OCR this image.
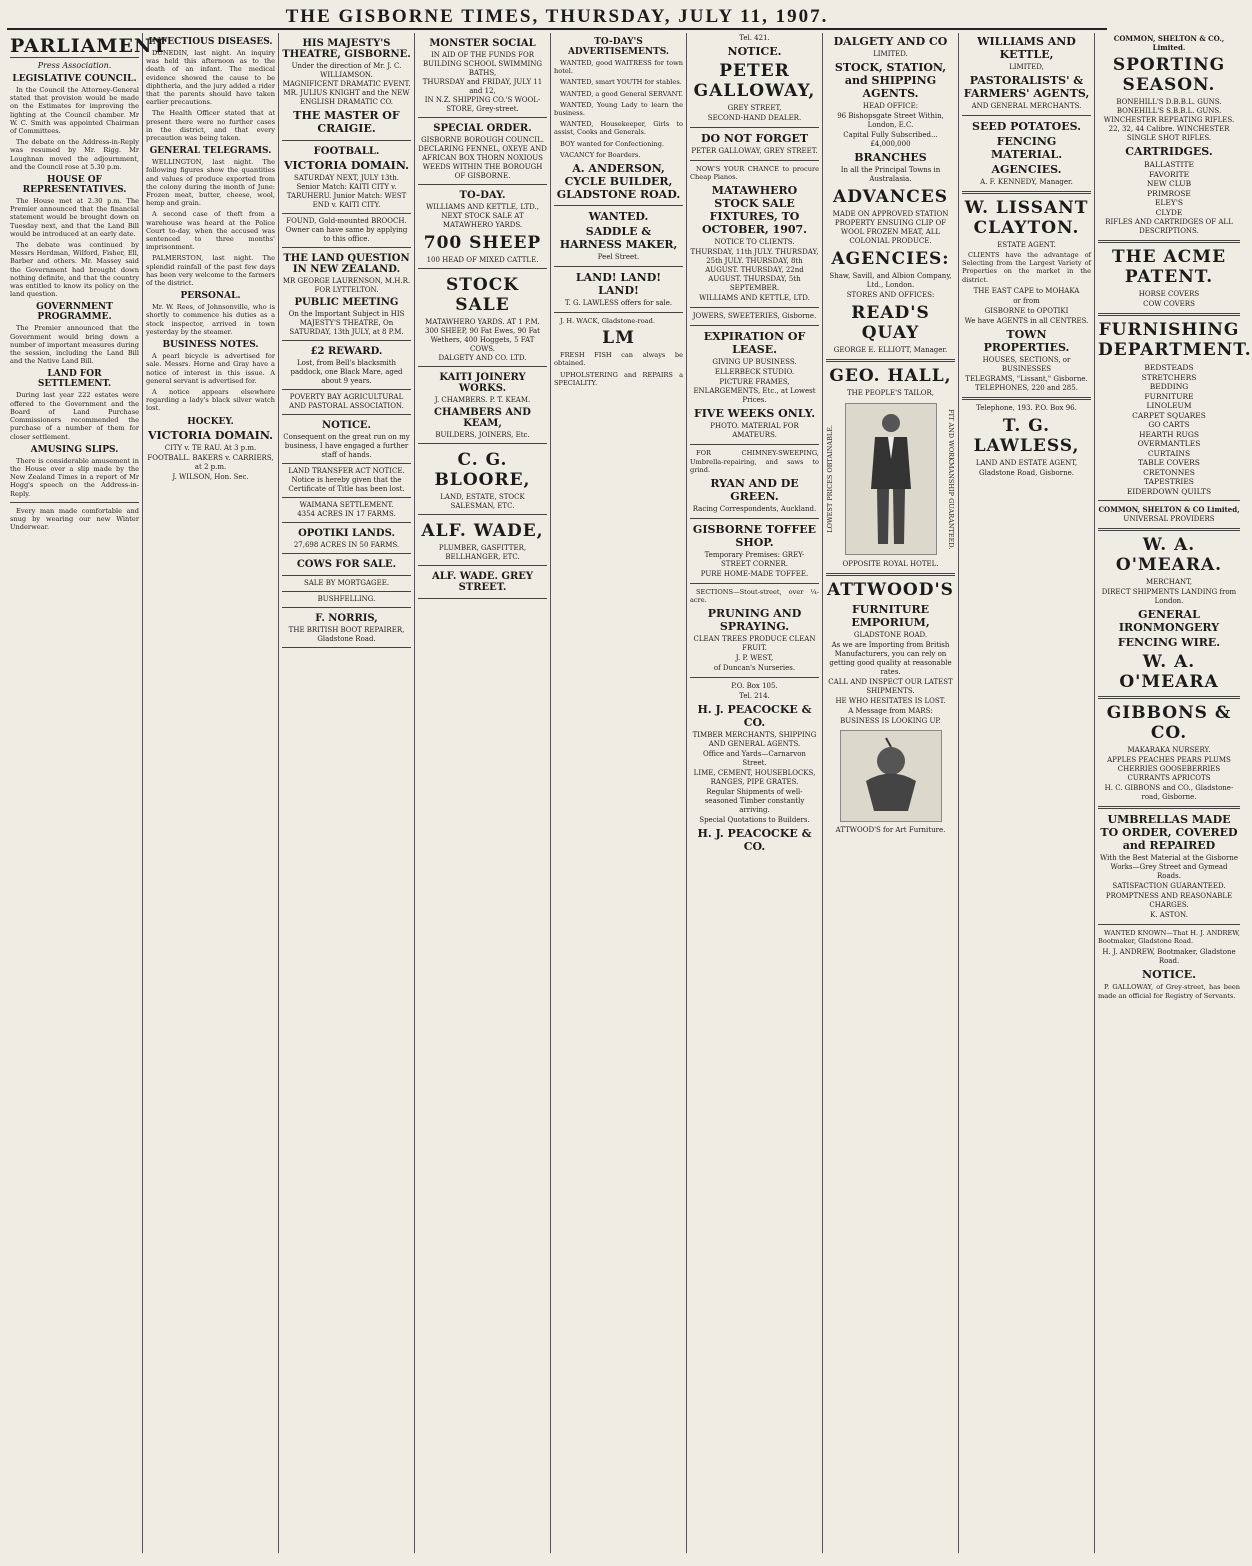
THE GISBORNE TIMES, THURSDAY, JULY 11, 1907.
PARLIAMENT
Press Association.
LEGISLATIVE COUNCIL.

In the Council the Attorney-General stated that provision would be made on the Estimates for improving the lighting at the Council chamber. Mr W. C. Smith was appointed Chairman of Committees.

The debate on the Address-in-Reply was resumed by Mr. Rigg. Mr Loughnan moved the adjournment, and the Council rose at 5.30 p.m.

HOUSE OF REPRESENTATIVES.

The House met at 2.30 p.m. The Premier announced that the financial statement would be brought down on Tuesday next, and that the Land Bill would be introduced at an early date.

The debate was continued by Messrs Herdman, Wilford, Fisher, Ell, Barber and others. Mr. Massey said the Government had brought down nothing definite, and that the country was entitled to know its policy on the land question.

GOVERNMENT PROGRAMME.

The Premier announced that the Government would bring down a number of important measures during the session, including the Land Bill and the Native Land Bill.

LAND FOR SETTLEMENT.

During last year 222 estates were offered to the Government and the Board of Land Purchase Commissioners recommended the purchase of a number of them for closer settlement.

AMUSING SLIPS.

There is considerable amusement in the House over a slip made by the New Zealand Times in a report of Mr Hogg's speech on the Address-in-Reply.

Every man made comfortable and snug by wearing our new Winter Underwear.

INFECTIOUS DISEASES.

DUNEDIN, last night. An inquiry was held this afternoon as to the death of an infant. The medical evidence showed the cause to be diphtheria, and the jury added a rider that the parents should have taken earlier precautions.

The Health Officer stated that at present there were no further cases in the district, and that every precaution was being taken.

GENERAL TELEGRAMS.

WELLINGTON, last night. The following figures show the quantities and values of produce exported from the colony during the month of June: Frozen meat, butter, cheese, wool, hemp and grain.

A second case of theft from a warehouse was heard at the Police Court to-day, when the accused was sentenced to three months' imprisonment.

PALMERSTON, last night. The splendid rainfall of the past few days has been very welcome to the farmers of the district.

PERSONAL.

Mr. W. Rees, of Johnsonville, who is shortly to commence his duties as a stock inspector, arrived in town yesterday by the steamer.

BUSINESS NOTES.

A pearl bicycle is advertised for sale. Messrs. Horne and Gray have a notice of interest in this issue. A general servant is advertised for.

A notice appears elsewhere regarding a lady's black silver watch lost.

HOCKEY.
VICTORIA DOMAIN.
CITY v. TE RAU. At 3 p.m.
FOOTBALL. BAKERS v. CARRIERS, at 2 p.m.
J. WILSON, Hon. Sec.
HIS MAJESTY'S THEATRE, GISBORNE.
Under the direction of Mr. J. C. WILLIAMSON.
MAGNIFICENT DRAMATIC EVENT. MR. JULIUS KNIGHT and the NEW ENGLISH DRAMATIC CO.
THE MASTER OF CRAIGIE.
FOOTBALL.
VICTORIA DOMAIN.
SATURDAY NEXT, JULY 13th. Senior Match: KAITI CITY v. TARUHERU. Junior Match: WEST END v. KAITI CITY.
FOUND, Gold-mounted BROOCH. Owner can have same by applying to this office.
THE LAND QUESTION IN NEW ZEALAND.
MR GEORGE LAURENSON, M.H.R. FOR LYTTELTON.
PUBLIC MEETING
On the Important Subject in HIS MAJESTY'S THEATRE, On SATURDAY, 13th JULY, at 8 P.M.
£2 REWARD.
Lost, from Bell's blacksmith paddock, one Black Mare, aged about 9 years.
POVERTY BAY AGRICULTURAL AND PASTORAL ASSOCIATION.
NOTICE.
Consequent on the great run on my business, I have engaged a further staff of hands.
LAND TRANSFER ACT NOTICE.
Notice is hereby given that the Certificate of Title has been lost.
WAIMANA SETTLEMENT.
4354 ACRES IN 17 FARMS.
OPOTIKI LANDS.
27,698 ACRES IN 50 FARMS.
COWS FOR SALE.
SALE BY MORTGAGEE.
BUSHFELLING.
F. NORRIS,
THE BRITISH BOOT REPAIRER, Gladstone Road.
MONSTER SOCIAL
IN AID OF THE FUNDS FOR BUILDING SCHOOL SWIMMING BATHS,
THURSDAY and FRIDAY, JULY 11 and 12,
IN N.Z. SHIPPING CO.'S WOOL-STORE, Grey-street.
SPECIAL ORDER.
GISBORNE BOROUGH COUNCIL.
DECLARING FENNEL, OXEYE AND AFRICAN BOX THORN NOXIOUS WEEDS WITHIN THE BOROUGH OF GISBORNE.
TO-DAY.
WILLIAMS AND KETTLE, LTD.,
NEXT STOCK SALE AT MATAWHERO YARDS.
700 SHEEP
100 HEAD OF MIXED CATTLE.
STOCK SALE
MATAWHERO YARDS. AT 1 P.M.
300 SHEEP, 90 Fat Ewes, 90 Fat Wethers, 400 Hoggets, 5 FAT COWS.
DALGETY AND CO. LTD.
KAITI JOINERY WORKS.
J. CHAMBERS. P. T. KEAM.
CHAMBERS AND KEAM,
BUILDERS, JOINERS, Etc.
C. G. BLOORE,
LAND, ESTATE, STOCK SALESMAN, ETC.
ALF. WADE,
PLUMBER, GASFITTER, BELLHANGER, ETC.
ALF. WADE. GREY STREET.
TO-DAY'S ADVERTISEMENTS.

WANTED, good WAITRESS for town hotel.

WANTED, smart YOUTH for stables.

WANTED, a good General SERVANT.

WANTED, Young Lady to learn the business.

WANTED, Housekeeper, Girls to assist, Cooks and Generals.

BOY wanted for Confectioning.

VACANCY for Boarders.

A. ANDERSON, CYCLE BUILDER, GLADSTONE ROAD.
WANTED.
SADDLE & HARNESS MAKER,
Peel Street.
LAND! LAND! LAND!
T. G. LAWLESS offers for sale.

J. H. WACK, Gladstone-road.

LM

FRESH FISH can always be obtained.

UPHOLSTERING and REPAIRS a SPECIALITY.

Tel. 421.
NOTICE.
PETER GALLOWAY,
GREY STREET,
SECOND-HAND DEALER.
DO NOT FORGET
PETER GALLOWAY, GREY STREET.

NOW'S YOUR CHANCE to procure Cheap Pianos.

MATAWHERO STOCK SALE FIXTURES, TO OCTOBER, 1907.
NOTICE TO CLIENTS.
THURSDAY, 11th JULY. THURSDAY, 25th JULY. THURSDAY, 8th AUGUST. THURSDAY, 22nd AUGUST. THURSDAY, 5th SEPTEMBER.
WILLIAMS AND KETTLE, LTD.
JOWERS, SWEETERIES, Gisborne.
EXPIRATION OF LEASE.
GIVING UP BUSINESS.
ELLERBECK STUDIO.
PICTURE FRAMES, ENLARGEMENTS, Etc., at Lowest Prices.
FIVE WEEKS ONLY.
PHOTO. MATERIAL FOR AMATEURS.

FOR CHIMNEY-SWEEPING, Umbrella-repairing, and saws to grind.

RYAN AND DE GREEN.
Racing Correspondents, Auckland.
GISBORNE TOFFEE SHOP.
Temporary Premises: GREY-STREET CORNER.
PURE HOME-MADE TOFFEE.

SECTIONS—Stout-street, over ¼-acre.

PRUNING AND SPRAYING.
CLEAN TREES PRODUCE CLEAN FRUIT.
J. P. WEST,
of Duncan's Nurseries.
P.O. Box 105.
Tel. 214.
H. J. PEACOCKE & CO.
TIMBER MERCHANTS, SHIPPING AND GENERAL AGENTS.
Office and Yards—Carnarvon Street.
LIME, CEMENT, HOUSEBLOCKS, RANGES, PIPE GRATES.
Regular Shipments of well-seasoned Timber constantly arriving.
Special Quotations to Builders.
H. J. PEACOCKE & CO.
DALGETY AND CO
LIMITED.
STOCK, STATION, and SHIPPING AGENTS.
HEAD OFFICE:
96 Bishopsgate Street Within, London, E.C.
Capital Fully Subscribed...£4,000,000
BRANCHES
In all the Principal Towns in Australasia.
ADVANCES
MADE ON APPROVED STATION PROPERTY ENSUING CLIP OF WOOL FROZEN MEAT, ALL COLONIAL PRODUCE.
AGENCIES:
Shaw, Savill, and Albion Company, Ltd., London.
STORES AND OFFICES:
READ'S QUAY
GEORGE E. ELLIOTT, Manager.
GEO. HALL,
THE PEOPLE'S TAILOR,
LOWEST PRICES OBTAINABLE.	FIT AND WORKMANSHIP GUARANTEED.
OPPOSITE ROYAL HOTEL.
ATTWOOD'S
FURNITURE EMPORIUM,
GLADSTONE ROAD.
As we are Importing from British Manufacturers, you can rely on getting good quality at reasonable rates.
CALL AND INSPECT OUR LATEST SHIPMENTS.
HE WHO HESITATES IS LOST.
A Message from MARS:
BUSINESS IS LOOKING UP.
ATTWOOD'S for Art Furniture.
WILLIAMS AND KETTLE,
LIMITED,
PASTORALISTS' & FARMERS' AGENTS,
AND GENERAL MERCHANTS.
SEED POTATOES.
FENCING MATERIAL.
AGENCIES.
A. F. KENNEDY, Manager.
W. LISSANT CLAYTON.
ESTATE AGENT.

CLIENTS have the advantage of Selecting from the Largest Variety of Properties on the market in the district.

THE EAST CAPE to MOHAKA
or from
GISBORNE to OPOTIKI
We have AGENTS in all CENTRES.
TOWN PROPERTIES.
HOUSES, SECTIONS, or BUSINESSES
TELEGRAMS, "Lissant," Gisborne. TELEPHONES, 220 and 285.
Telephone, 193. P.O. Box 96.
T. G. LAWLESS,
LAND AND ESTATE AGENT,
Gladstone Road, Gisborne.
COMMON, SHELTON & CO., Limited.
SPORTING SEASON.
BONEHILL'S D.B.B.L. GUNS. BONEHILL'S S.B.B.L. GUNS. WINCHESTER REPEATING RIFLES. 22, 32, 44 Calibre. WINCHESTER SINGLE SHOT RIFLES.
CARTRIDGES.
BALLASTITE
FAVORITE
NEW CLUB
PRIMROSE
ELEY'S
CLYDE
RIFLES AND CARTRIDGES OF ALL DESCRIPTIONS.
THE ACME PATENT.
HORSE COVERS
COW COVERS
FURNISHING DEPARTMENT.
BEDSTEADS
STRETCHERS
BEDDING
FURNITURE
LINOLEUM
CARPET SQUARES
GO CARTS
HEARTH RUGS
OVERMANTLES
CURTAINS
TABLE COVERS
CRETONNES
TAPESTRIES
EIDERDOWN QUILTS
COMMON, SHELTON & CO Limited,
UNIVERSAL PROVIDERS
W. A. O'MEARA.
MERCHANT,
DIRECT SHIPMENTS LANDING from London.
GENERAL IRONMONGERY
FENCING WIRE.
W. A. O'MEARA
GIBBONS & CO.
MAKARAKA NURSERY.
APPLES PEACHES PEARS PLUMS CHERRIES GOOSEBERRIES CURRANTS APRICOTS
H. C. GIBBONS and CO., Gladstone-road, Gisborne.
UMBRELLAS MADE TO ORDER, COVERED and REPAIRED
With the Best Material at the Gisborne Works—Grey Street and Gymead Roads.
SATISFACTION GUARANTEED.
PROMPTNESS AND REASONABLE CHARGES.
K. ASTON.

WANTED KNOWN—That H. J. ANDREW, Bootmaker, Gladstone Road.

H. J. ANDREW, Bootmaker, Gladstone Road.
NOTICE.

P. GALLOWAY, of Grey-street, has been made an official for Registry of Servants.
